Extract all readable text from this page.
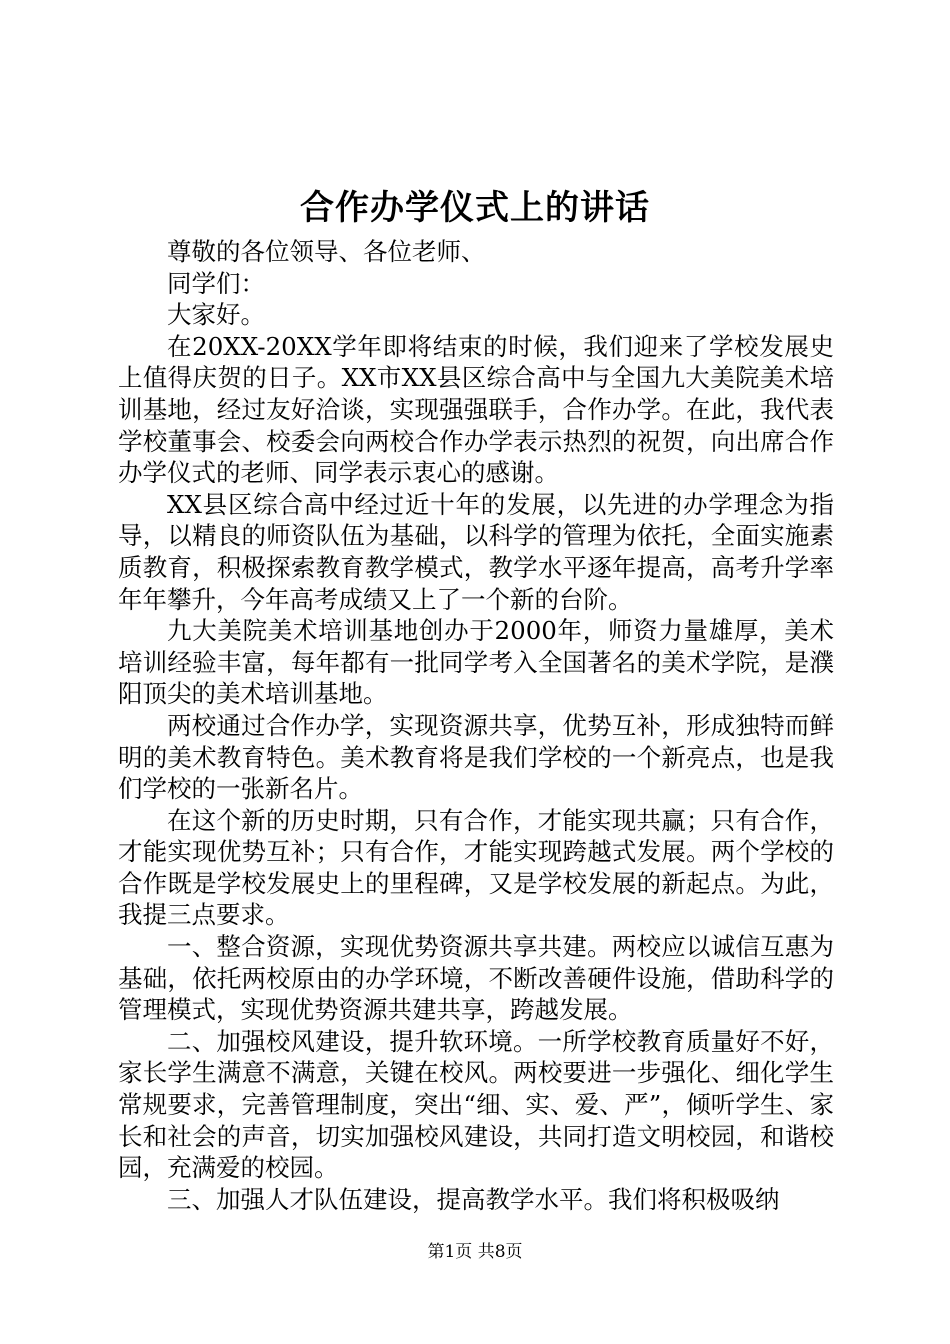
合作办学仪式上的讲话

尊敬的各位领导、各位老师、

同学们：

大家好。

在20XX-20XX学年即将结束的时候，我们迎来了学校发展史上值得庆贺的日子。XX市XX县区综合高中与全国九大美院美术培训基地，经过友好洽谈，实现强强联手，合作办学。在此，我代表学校董事会、校委会向两校合作办学表示热烈的祝贺，向出席合作办学仪式的老师、同学表示衷心的感谢。

XX县区综合高中经过近十年的发展，以先进的办学理念为指导，以精良的师资队伍为基础，以科学的管理为依托，全面实施素质教育，积极探索教育教学模式，教学水平逐年提高，高考升学率年年攀升，今年高考成绩又上了一个新的台阶。

九大美院美术培训基地创办于2000年，师资力量雄厚，美术培训经验丰富，每年都有一批同学考入全国著名的美术学院，是濮阳顶尖的美术培训基地。

两校通过合作办学，实现资源共享，优势互补，形成独特而鲜明的美术教育特色。美术教育将是我们学校的一个新亮点，也是我们学校的一张新名片。

在这个新的历史时期，只有合作，才能实现共赢；只有合作，才能实现优势互补；只有合作，才能实现跨越式发展。两个学校的合作既是学校发展史上的里程碑，又是学校发展的新起点。为此，我提三点要求。

一、整合资源，实现优势资源共享共建。两校应以诚信互惠为基础，依托两校原由的办学环境，不断改善硬件设施，借助科学的管理模式，实现优势资源共建共享，跨越发展。

二、加强校风建设，提升软环境。一所学校教育质量好不好，家长学生满意不满意，关键在校风。两校要进一步强化、细化学生常规要求，完善管理制度，突出“细、实、爱、严”，倾听学生、家长和社会的声音，切实加强校风建设，共同打造文明校园，和谐校园，充满爱的校园。

三、加强人才队伍建设，提高教学水平。我们将积极吸纳

第1页 共8页
